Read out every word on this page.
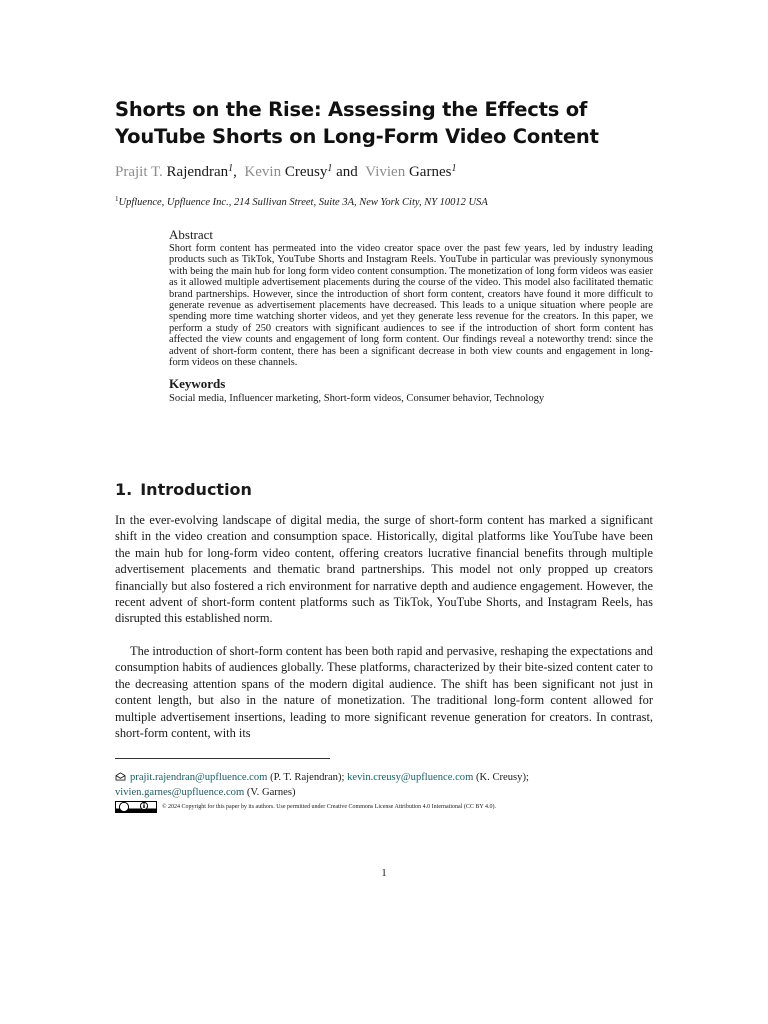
Shorts on the Rise: Assessing the Effects of YouTube Shorts on Long-Form Video Content
Prajit T. Rajendran$^1$, Kevin Creusy$^1$ and Vivien Garnes$^1$
$^1$Upfluence, Upfluence Inc., 214 Sullivan Street, Suite 3A, New York City, NY 10012 USA
Abstract
Short form content has permeated into the video creator space over the past few years, led by industry leading products such as TikTok, YouTube Shorts and Instagram Reels. YouTube in particular was previously synonymous with being the main hub for long form video content consumption. The monetization of long form videos was easier as it allowed multiple advertisement placements during the course of the video. This model also facilitated thematic brand partnerships. However, since the introduction of short form content, creators have found it more difficult to generate revenue as advertisement placements have decreased. This leads to a unique situation where people are spending more time watching shorter videos, and yet they generate less revenue for the creators. In this paper, we perform a study of 250 creators with significant audiences to see if the introduction of short form content has affected the view counts and engagement of long form content. Our findings reveal a noteworthy trend: since the advent of short-form content, there has been a significant decrease in both view counts and engagement in long-form videos on these channels.
Keywords
Social media, Influencer marketing, Short-form videos, Consumer behavior, Technology
1. Introduction
In the ever-evolving landscape of digital media, the surge of short-form content has marked a significant shift in the video creation and consumption space. Historically, digital platforms like YouTube have been the main hub for long-form video content, offering creators lucrative financial benefits through multiple advertisement placements and thematic brand partnerships. This model not only propped up creators financially but also fostered a rich environment for narrative depth and audience engagement. However, the recent advent of short-form content platforms such as TikTok, YouTube Shorts, and Instagram Reels, has disrupted this established norm.
The introduction of short-form content has been both rapid and pervasive, reshaping the expectations and consumption habits of audiences globally. These platforms, characterized by their bite-sized content cater to the decreasing attention spans of the modern digital audience. The shift has been significant not just in content length, but also in the nature of monetization. The traditional long-form content allowed for multiple advertisement insertions, leading to more significant revenue generation for creators. In contrast, short-form content, with its
prajit.rajendran@upfluence.com (P. T. Rajendran); kevin.creusy@upfluence.com (K. Creusy);
vivien.garnes@upfluence.com (V. Garnes)
© 2024 Copyright for this paper by its authors. Use permitted under Creative Commons License Attribution 4.0 International (CC BY 4.0).
1
